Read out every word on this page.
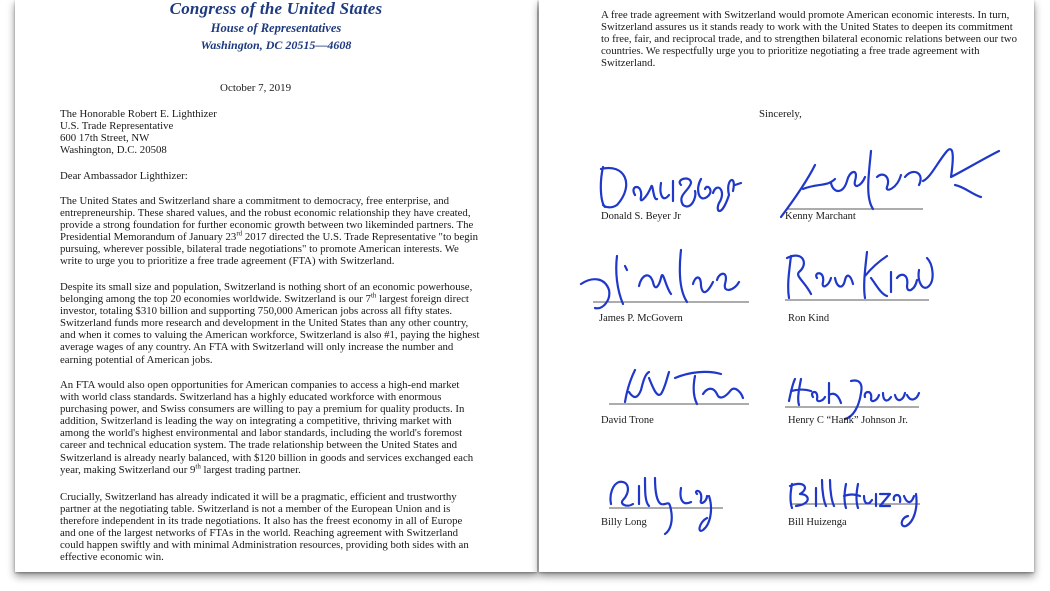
Congress of the United States
House of Representatives
Washington, DC 20515—4608
October 7, 2019
The Honorable Robert E. Lighthizer
U.S. Trade Representative
600 17th Street, NW
Washington, D.C. 20508
Dear Ambassador Lighthizer:

The United States and Switzerland share a commitment to democracy, free enterprise, and entrepreneurship. These shared values, and the robust economic relationship they have created, provide a strong foundation for further economic growth between two likeminded partners. The Presidential Memorandum of January 23rd 2017 directed the U.S. Trade Representative "to begin pursuing, wherever possible, bilateral trade negotiations" to promote American interests. We write to urge you to prioritize a free trade agreement (FTA) with Switzerland.

Despite its small size and population, Switzerland is nothing short of an economic powerhouse, belonging among the top 20 economies worldwide. Switzerland is our 7th largest foreign direct investor, totaling $310 billion and supporting 750,000 American jobs across all fifty states. Switzerland funds more research and development in the United States than any other country, and when it comes to valuing the American workforce, Switzerland is also #1, paying the highest average wages of any country. An FTA with Switzerland will only increase the number and earning potential of American jobs.

An FTA would also open opportunities for American companies to access a high-end market with world class standards. Switzerland has a highly educated workforce with enormous purchasing power, and Swiss consumers are willing to pay a premium for quality products. In addition, Switzerland is leading the way on integrating a competitive, thriving market with among the world's highest environmental and labor standards, including the world's foremost career and technical education system. The trade relationship between the United States and Switzerland is already nearly balanced, with $120 billion in goods and services exchanged each year, making Switzerland our 9th largest trading partner.

Crucially, Switzerland has already indicated it will be a pragmatic, efficient and trustworthy partner at the negotiating table. Switzerland is not a member of the European Union and is therefore independent in its trade negotiations. It also has the freest economy in all of Europe and one of the largest networks of FTAs in the world. Reaching agreement with Switzerland could happen swiftly and with minimal Administration resources, providing both sides with an effective economic win.

A free trade agreement with Switzerland would promote American economic interests. In turn, Switzerland assures us it stands ready to work with the United States to deepen its commitment to free, fair, and reciprocal trade, and to strengthen bilateral economic relations between our two countries. We respectfully urge you to prioritize negotiating a free trade agreement with Switzerland.

Sincerely,
Donald S. Beyer Jr	Kenny Marchant
James P. McGovern	Ron Kind
David Trone	Henry C “Hank” Johnson Jr.
Billy Long	Bill Huizenga
